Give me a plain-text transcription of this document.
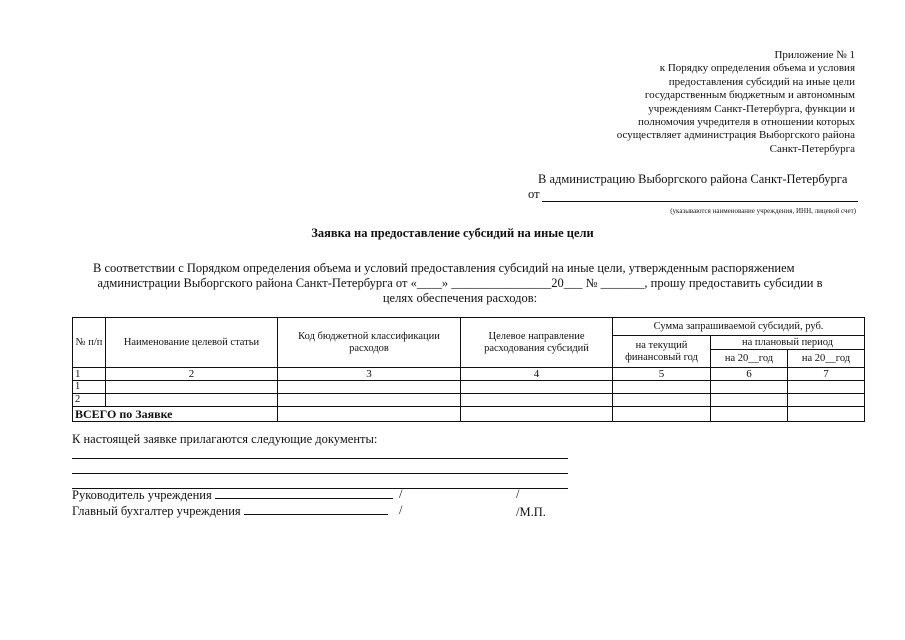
Приложение № 1
к Порядку определения объема и условия
предоставления субсидий на иные цели
государственным бюджетным и автономным
учреждениям Санкт-Петербурга, функции и
полномочия учредителя в отношении которых
осуществляет администрация Выборгского района
Санкт-Петербурга
В администрацию Выборгского района Санкт-Петербурга
от
(указываются наименование учреждения, ИНН, лицевой счет)
Заявка на предоставление субсидий на иные цели
В соответствии с Порядком определения объема и условий предоставления субсидий на иные цели, утвержденным распоряжением
администрации Выборгского района Санкт-Петербурга от «____» ________________20___ № _______, прошу предоставить субсидии в
целях обеспечения расходов:
№ п/п	Наименование целевой статьи	Код бюджетной классификации расходов	Целевое направление расходования субсидий	Сумма запрашиваемой субсидий, руб.		
				на текущий финансовый год	на плановый период	
					на 20__год	на 20__год
1	2	3	4	5	6	7
1						
2						
ВСЕГО по Заявке						
К настоящей заявке прилагаются следующие документы:
Руководитель учреждения	/	/
Главный бухгалтер учреждения	/	/М.П.
